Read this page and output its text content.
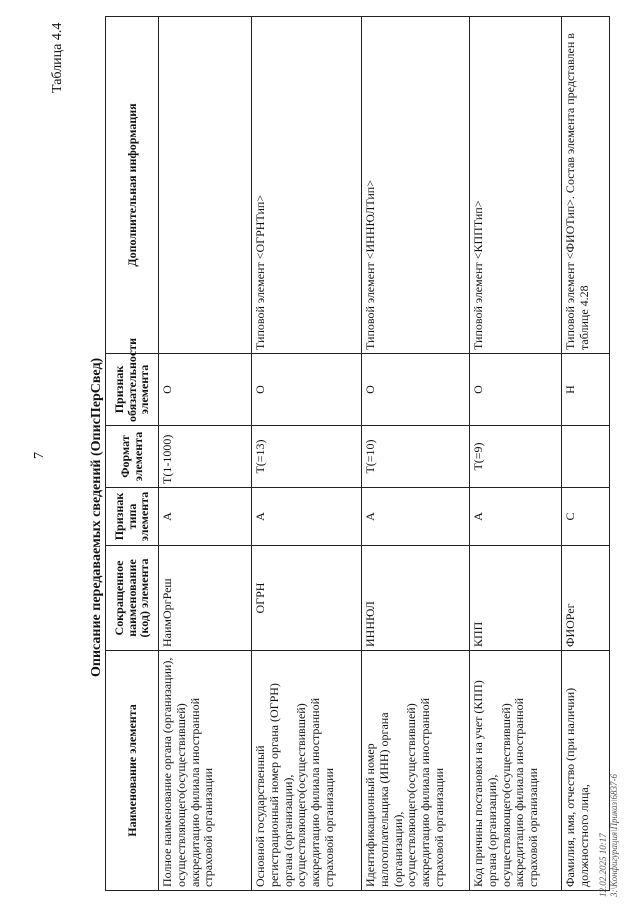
7
Таблица 4.4
Описание передаваемых сведений (ОписПерСвед)
Наименование элемента	Сокращенное наименование (код) элемента	Признак типа элемента	Формат элемента	Признак обязательности элемента	Дополнительная информация
Полное наименование органа (организации), осуществляющего(осуществившей) аккредитацию филиала иностранной страховой организации	НаимОргРеш	А	Т(1-1000)	О	
Основной государственный регистрационный номер органа (ОГРН) органа (организации), осуществляющего(осуществившей) аккредитацию филиала иностранной страховой организации	ОГРН	А	Т(=13)	О	Типовой элемент <ОГРНТип>
Идентификационный номер налогоплательщика (ИНН) органа (организации), осуществляющего(осуществившей) аккредитацию филиала иностранной страховой организации	ИННЮЛ	А	Т(=10)	О	Типовой элемент <ИННЮЛТип>
Код причины постановки на учет (КПП) органа (организации), осуществляющего(осуществившей) аккредитацию филиала иностранной страховой организации	КПП	А	Т(=9)	О	Типовой элемент <КППТип>
Фамилия, имя, отчество (при наличии) должностного лица,	ФИОРег	С		Н	Типовой элемент <ФИОТип>. Состав элемента представлен в таблице 4.28
12.02.2025 10:17 3:\Конфигурация\Приказ\6837-6
